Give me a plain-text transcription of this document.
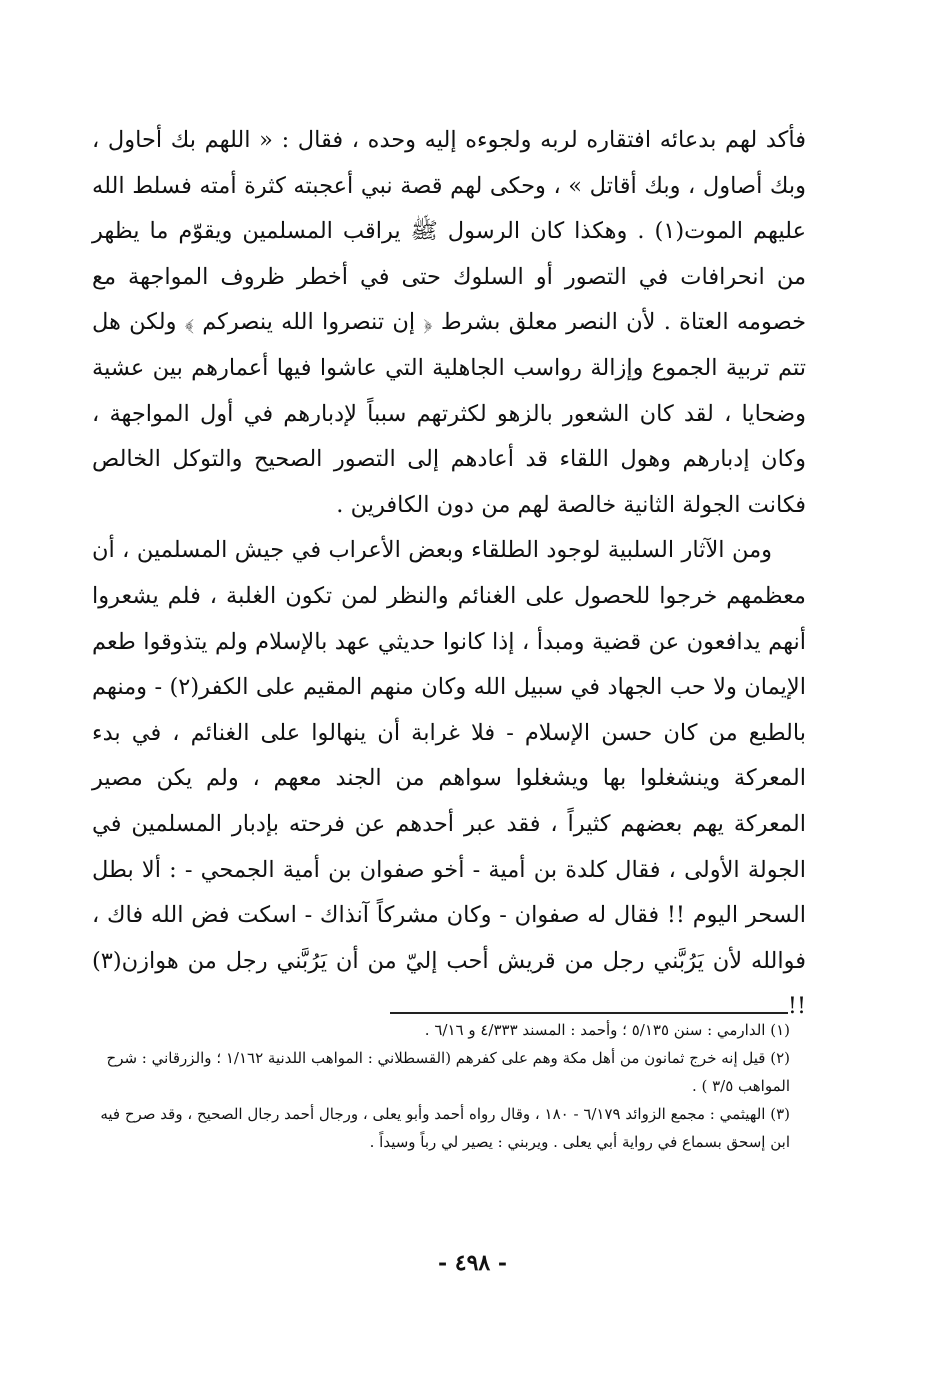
فأكد لهم بدعائه افتقاره لربه ولجوءه إليه وحده ، فقال : « اللهم بك أحاول ، وبك أصاول ، وبك أقاتل » ، وحكى لهم قصة نبي أعجبته كثرة أمته فسلط الله عليهم الموت(١) . وهكذا كان الرسول ﷺ يراقب المسلمين ويقوّم ما يظهر من انحرافات في التصور أو السلوك حتى في أخطر ظروف المواجهة مع خصومه العتاة . لأن النصر معلق بشرط ﴿ إن تنصروا الله ينصركم ﴾ ولكن هل تتم تربية الجموع وإزالة رواسب الجاهلية التي عاشوا فيها أعمارهم بين عشية وضحايا ، لقد كان الشعور بالزهو لكثرتهم سبباً لإدبارهم في أول المواجهة ، وكان إدبارهم وهول اللقاء قد أعادهم إلى التصور الصحيح والتوكل الخالص فكانت الجولة الثانية خالصة لهم من دون الكافرين .

ومن الآثار السلبية لوجود الطلقاء وبعض الأعراب في جيش المسلمين ، أن معظمهم خرجوا للحصول على الغنائم والنظر لمن تكون الغلبة ، فلم يشعروا أنهم يدافعون عن قضية ومبدأ ، إذا كانوا حديثي عهد بالإسلام ولم يتذوقوا طعم الإيمان ولا حب الجهاد في سبيل الله وكان منهم المقيم على الكفر(٢) - ومنهم بالطبع من كان حسن الإسلام - فلا غرابة أن ينهالوا على الغنائم ، في بدء المعركة وينشغلوا بها ويشغلوا سواهم من الجند معهم ، ولم يكن مصير المعركة يهم بعضهم كثيراً ، فقد عبر أحدهم عن فرحته بإدبار المسلمين في الجولة الأولى ، فقال كلدة بن أمية - أخو صفوان بن أمية الجمحي - : ألا بطل السحر اليوم !! فقال له صفوان - وكان مشركاً آنذاك - اسكت فض الله فاك ، فوالله لأن يَرُبَّني رجل من قريش أحب إليّ من أن يَرُبَّني رجل من هوازن(٣) !!

(١) الدارمي : سنن ٥/١٣٥ ؛ وأحمد : المسند ٤/٣٣٣ و ٦/١٦ .

(٢) قيل إنه خرج ثمانون من أهل مكة وهم على كفرهم (القسطلاني : المواهب اللدنية ١/١٦٢ ؛ والزرقاني : شرح المواهب ٣/٥ ) .

(٣) الهيثمي : مجمع الزوائد ٦/١٧٩ - ١٨٠ ، وقال رواه أحمد وأبو يعلى ، ورجال أحمد رجال الصحيح ، وقد صرح فيه ابن إسحق بسماع في رواية أبي يعلى . ويربني : يصير لي رباً وسيداً .

- ٤٩٨ -
